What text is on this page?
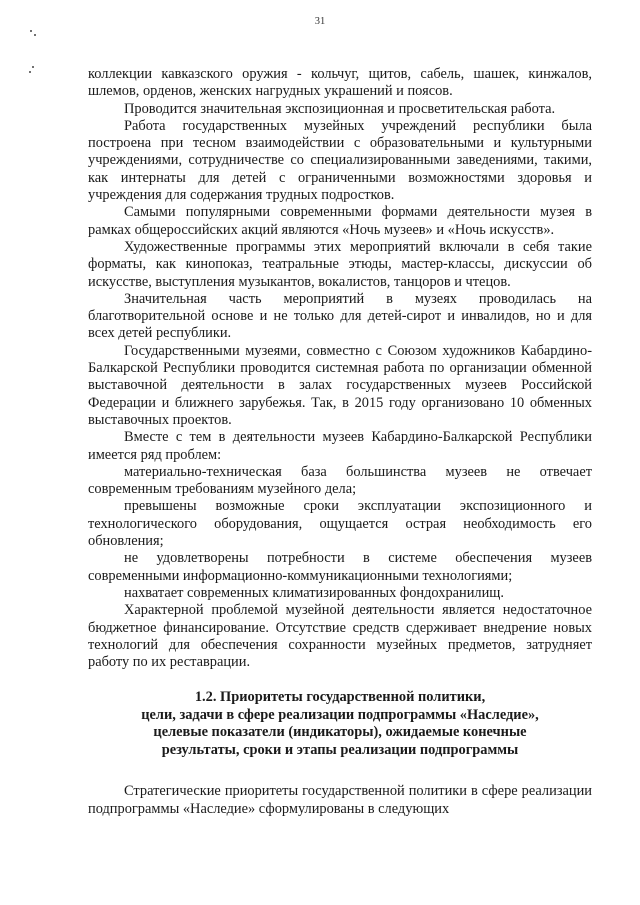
31

коллекции кавказского оружия - кольчуг, щитов, сабель, шашек, кинжалов, шлемов, орденов, женских нагрудных украшений и поясов.

Проводится значительная экспозиционная и просветительская работа.

Работа государственных музейных учреждений республики была построена при тесном взаимодействии с образовательными и культурными учреждениями, сотрудничестве со специализированными заведениями, такими, как интернаты для детей с ограниченными возможностями здоровья и учреждения для содержания трудных подростков.

Самыми популярными современными формами деятельности музея в рамках общероссийских акций являются «Ночь музеев» и «Ночь искусств».

Художественные программы этих мероприятий включали в себя такие форматы, как кинопоказ, театральные этюды, мастер-классы, дискуссии об искусстве, выступления музыкантов, вокалистов, танцоров и чтецов.

Значительная часть мероприятий в музеях проводилась на благотворительной основе и не только для детей-сирот и инвалидов, но и для всех детей республики.

Государственными музеями, совместно с Союзом художников Кабардино-Балкарской Республики проводится системная работа по организации обменной выставочной деятельности в залах государственных музеев Российской Федерации и ближнего зарубежья. Так, в 2015 году организовано 10 обменных выставочных проектов.

Вместе с тем в деятельности музеев Кабардино-Балкарской Республики имеется ряд проблем:

материально-техническая база большинства музеев не отвечает современным требованиям музейного дела;

превышены возможные сроки эксплуатации экспозиционного и технологического оборудования, ощущается острая необходимость его обновления;

не удовлетворены потребности в системе обеспечения музеев современными информационно-коммуникационными технологиями;

нахватает современных климатизированных фондохранилищ.

Характерной проблемой музейной деятельности является недостаточное бюджетное финансирование. Отсутствие средств сдерживает внедрение новых технологий для обеспечения сохранности музейных предметов, затрудняет работу по их реставрации.

1.2. Приоритеты государственной политики,
цели, задачи в сфере реализации подпрограммы «Наследие»,
целевые показатели (индикаторы), ожидаемые конечные
результаты, сроки и этапы реализации подпрограммы

Стратегические приоритеты государственной политики в сфере реализации подпрограммы «Наследие» сформулированы в следующих
